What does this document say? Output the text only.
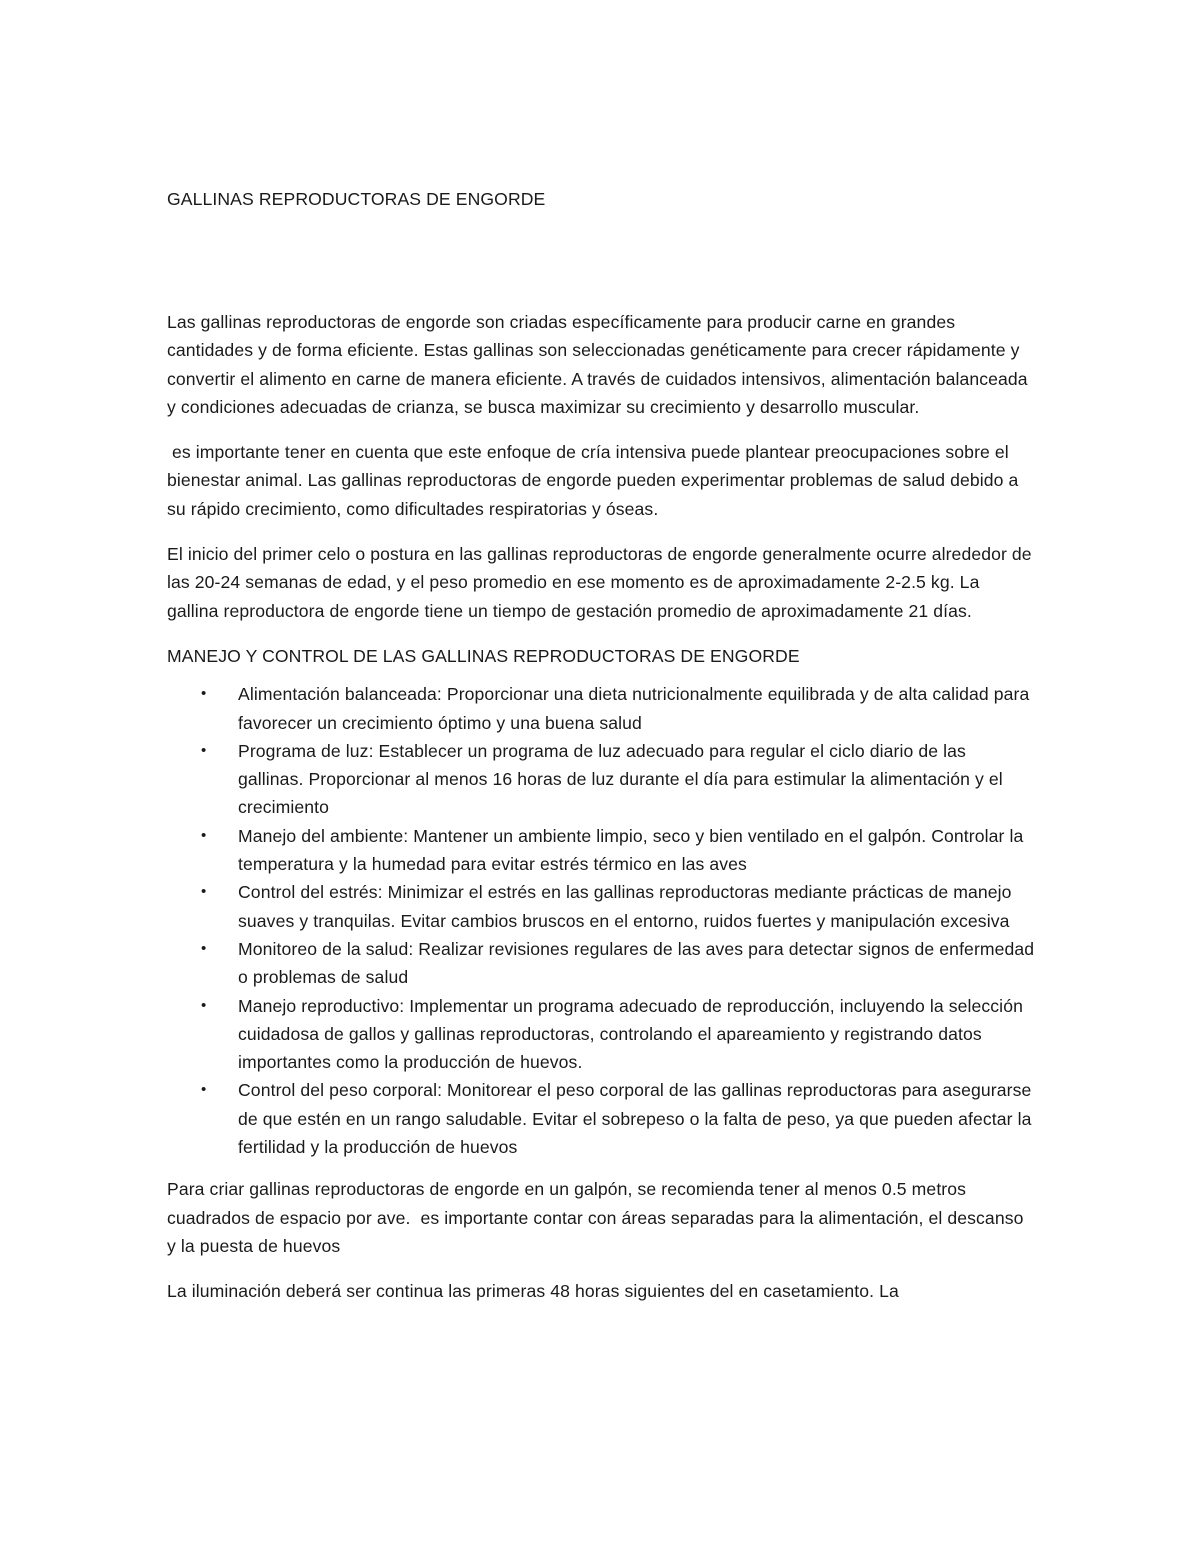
GALLINAS REPRODUCTORAS DE ENGORDE

Las gallinas reproductoras de engorde son criadas específicamente para producir carne en grandes cantidades y de forma eficiente. Estas gallinas son seleccionadas genéticamente para crecer rápidamente y convertir el alimento en carne de manera eficiente. A través de cuidados intensivos, alimentación balanceada y condiciones adecuadas de crianza, se busca maximizar su crecimiento y desarrollo muscular.

es importante tener en cuenta que este enfoque de cría intensiva puede plantear preocupaciones sobre el bienestar animal. Las gallinas reproductoras de engorde pueden experimentar problemas de salud debido a su rápido crecimiento, como dificultades respiratorias y óseas.

El inicio del primer celo o postura en las gallinas reproductoras de engorde generalmente ocurre alrededor de las 20-24 semanas de edad, y el peso promedio en ese momento es de aproximadamente 2-2.5 kg. La gallina reproductora de engorde tiene un tiempo de gestación promedio de aproximadamente 21 días.

MANEJO Y CONTROL DE LAS GALLINAS REPRODUCTORAS DE ENGORDE
• Alimentación balanceada: Proporcionar una dieta nutricionalmente equilibrada y de alta calidad para favorecer un crecimiento óptimo y una buena salud
• Programa de luz: Establecer un programa de luz adecuado para regular el ciclo diario de las gallinas. Proporcionar al menos 16 horas de luz durante el día para estimular la alimentación y el crecimiento
• Manejo del ambiente: Mantener un ambiente limpio, seco y bien ventilado en el galpón. Controlar la temperatura y la humedad para evitar estrés térmico en las aves
• Control del estrés: Minimizar el estrés en las gallinas reproductoras mediante prácticas de manejo suaves y tranquilas. Evitar cambios bruscos en el entorno, ruidos fuertes y manipulación excesiva
• Monitoreo de la salud: Realizar revisiones regulares de las aves para detectar signos de enfermedad o problemas de salud
• Manejo reproductivo: Implementar un programa adecuado de reproducción, incluyendo la selección cuidadosa de gallos y gallinas reproductoras, controlando el apareamiento y registrando datos importantes como la producción de huevos.
• Control del peso corporal: Monitorear el peso corporal de las gallinas reproductoras para asegurarse de que estén en un rango saludable. Evitar el sobrepeso o la falta de peso, ya que pueden afectar la fertilidad y la producción de huevos

Para criar gallinas reproductoras de engorde en un galpón, se recomienda tener al menos 0.5 metros cuadrados de espacio por ave.  es importante contar con áreas separadas para la alimentación, el descanso y la puesta de huevos

La iluminación deberá ser continua las primeras 48 horas siguientes del en casetamiento. La
